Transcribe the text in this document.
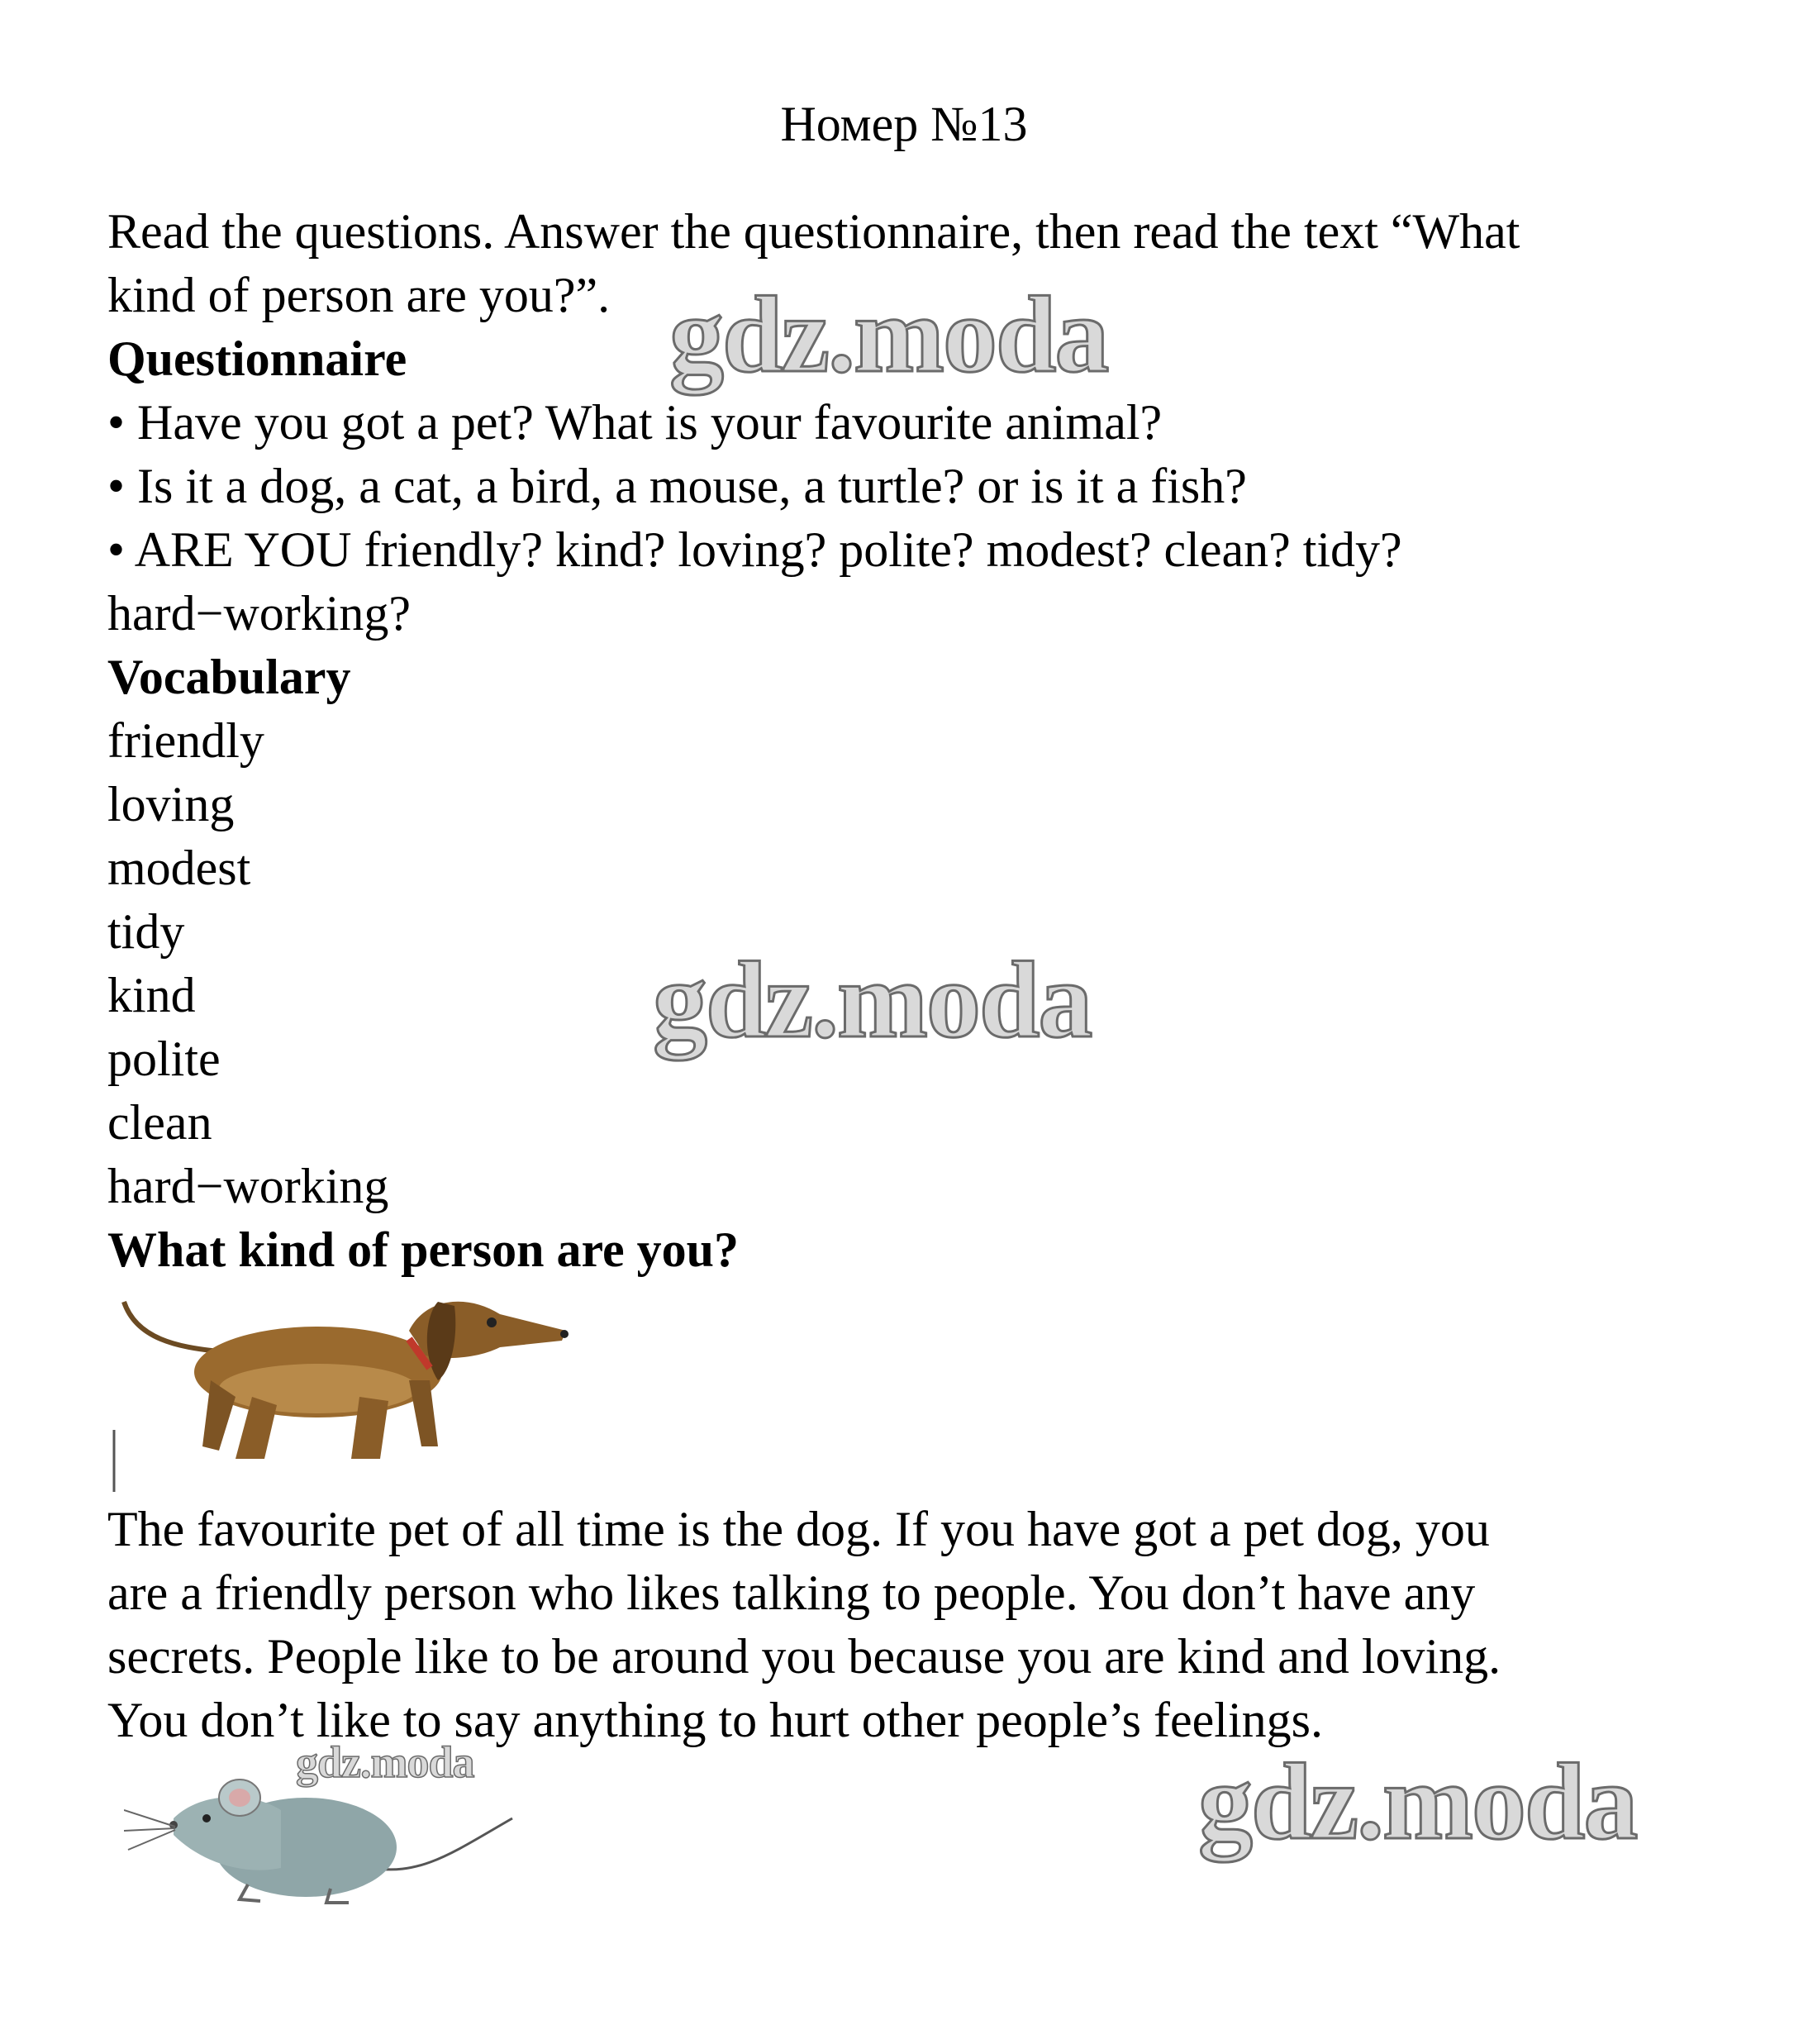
Номер №13
Read the questions. Answer the questionnaire, then read the text “What
kind of person are you?”.
Questionnaire
• Have you got a pet? What is your favourite animal?
• Is it a dog, a cat, a bird, a mouse, a turtle? or is it a fish?
• ARE YOU friendly? kind? loving? polite? modest? clean? tidy?
hard−working?
Vocabulary
friendly
loving
modest
tidy
kind
polite
clean
hard−working
What kind of person are you?
The favourite pet of all time is the dog. If you have got a pet dog, you
are a friendly person who likes talking to people. You don’t have any
secrets. People like to be around you because you are kind and loving.
You don’t like to say anything to hurt other people’s feelings.
gdz.moda
gdz.moda
gdz.moda	gdz.moda
